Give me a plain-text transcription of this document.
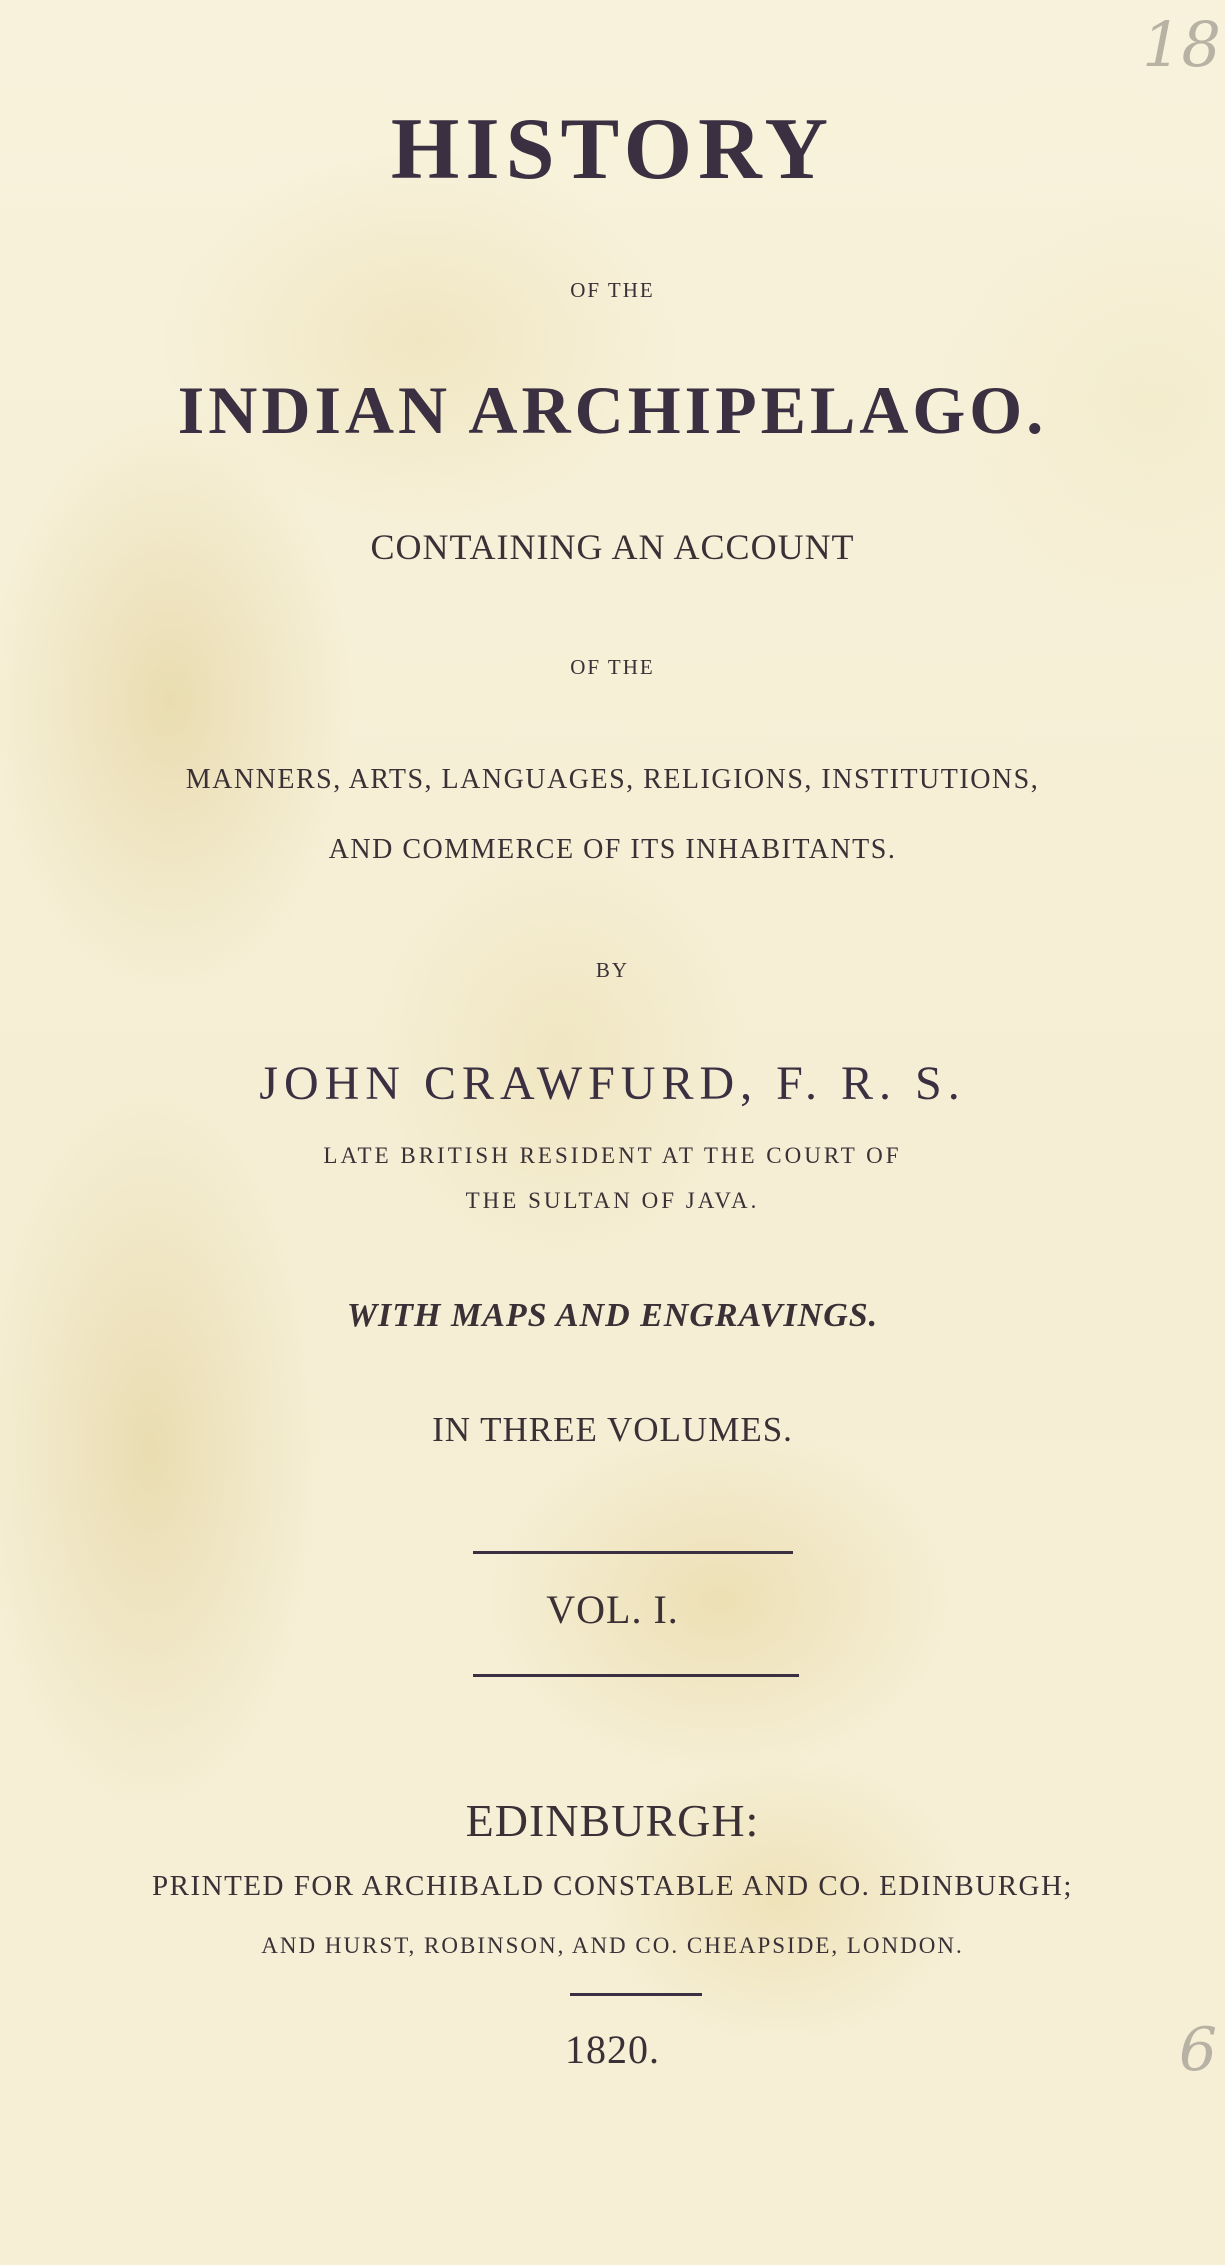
HISTORY

OF THE

INDIAN ARCHIPELAGO.

CONTAINING AN ACCOUNT

OF THE

MANNERS, ARTS, LANGUAGES, RELIGIONS, INSTITUTIONS,

AND COMMERCE OF ITS INHABITANTS.

BY

JOHN CRAWFURD, F. R. S.

LATE BRITISH RESIDENT AT THE COURT OF

THE SULTAN OF JAVA.

WITH MAPS AND ENGRAVINGS.

IN THREE VOLUMES.

VOL. I.

EDINBURGH:

PRINTED FOR ARCHIBALD CONSTABLE AND CO. EDINBURGH;

AND HURST, ROBINSON, AND CO. CHEAPSIDE, LONDON.

1820.

18
6
